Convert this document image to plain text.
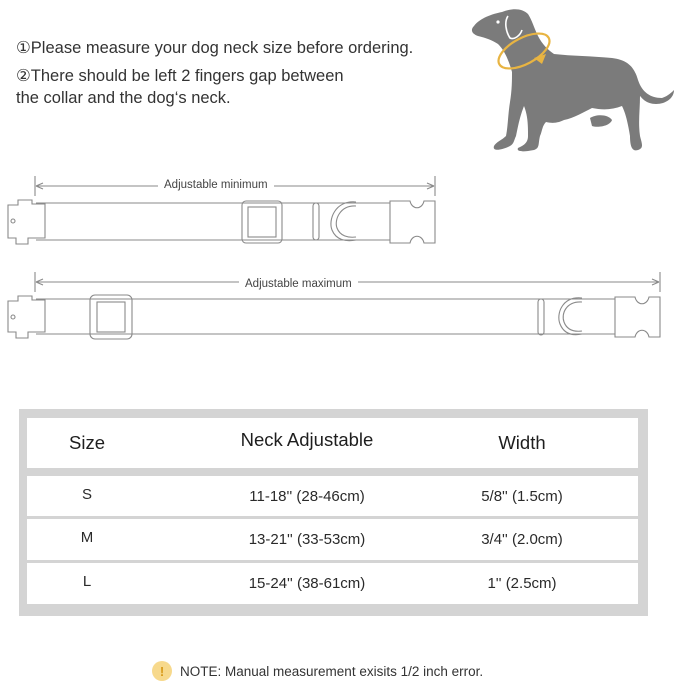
①Please measure your dog neck size before ordering.
②There should be left 2 fingers gap between
the collar and the dog‘s neck.
Adjustable minimum
Adjustable maximum
Size	Neck Adjustable	Width
S	11-18'' (28-46cm)	5/8'' (1.5cm)
M	13-21'' (33-53cm)	3/4'' (2.0cm)
L	15-24'' (38-61cm)	1'' (2.5cm)
!	NOTE: Manual measurement exisits 1/2 inch error.
